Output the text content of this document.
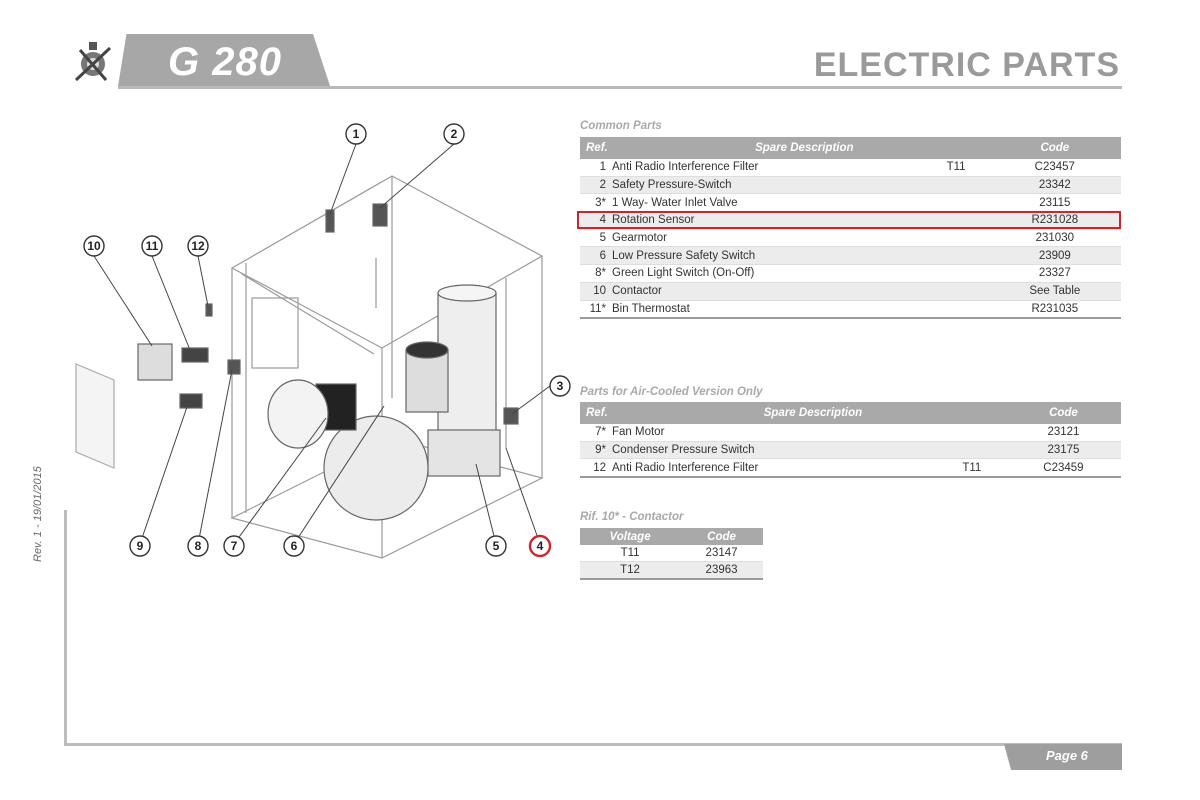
G 280	ELECTRIC PARTS
Rev. 1 - 19/01/2015
Page 6
1	2
3
4
5
6
7
8
9
10	11	12
Common Parts
Ref.	Spare Description		Code
1 Anti Radio Interference Filter		T11	C23457
2 Safety Pressure-Switch			23342
3* 1 Way- Water Inlet Valve			23115
4 Rotation Sensor			R231028
5 Gearmotor			231030
6 Low Pressure Safety Switch			23909
8* Green Light Switch (On-Off)			23327
10 Contactor			See Table
11* Bin Thermostat			R231035
Parts for Air-Cooled Version Only
Ref.	Spare Description		Code
7* Fan Motor			23121
9* Condenser Pressure Switch			23175
12 Anti Radio Interference Filter		T11	C23459
Rif. 10* - Contactor
Voltage	Code
T11	23147
T12	23963
